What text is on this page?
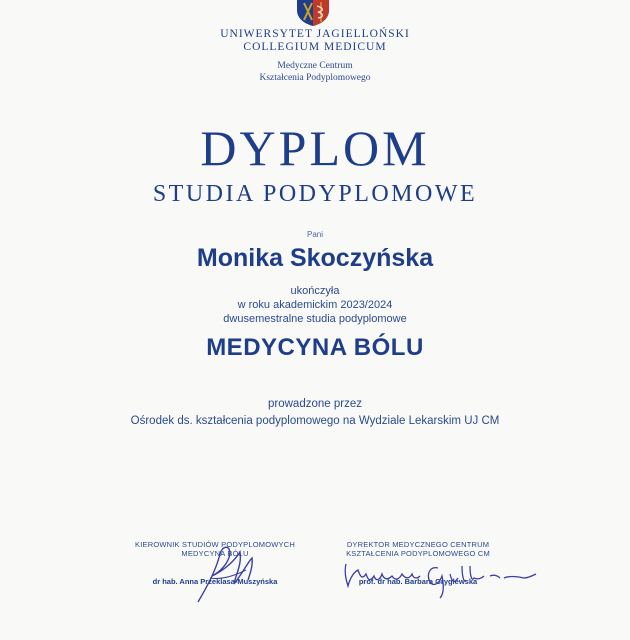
UNIWERSYTET JAGIELLOŃSKI
COLLEGIUM MEDICUM
Medyczne Centrum
Kształcenia Podyplomowego
DYPLOM
STUDIA PODYPLOMOWE
Pani
Monika Skoczyńska
ukończyła
w roku akademickim 2023/2024
dwusemestralne studia podyplomowe
MEDYCYNA BÓLU
prowadzone przez
Ośrodek ds. kształcenia podyplomowego na Wydziale Lekarskim UJ CM
KIEROWNIK STUDIÓW PODYPLOMOWYCH
MEDYCYNA BÓLU
dr hab. Anna Przeklasa-Muszyńska
DYREKTOR MEDYCZNEGO CENTRUM
KSZTAŁCENIA PODYPLOMOWEGO CM
prof. dr hab. Barbara Gryglewska
